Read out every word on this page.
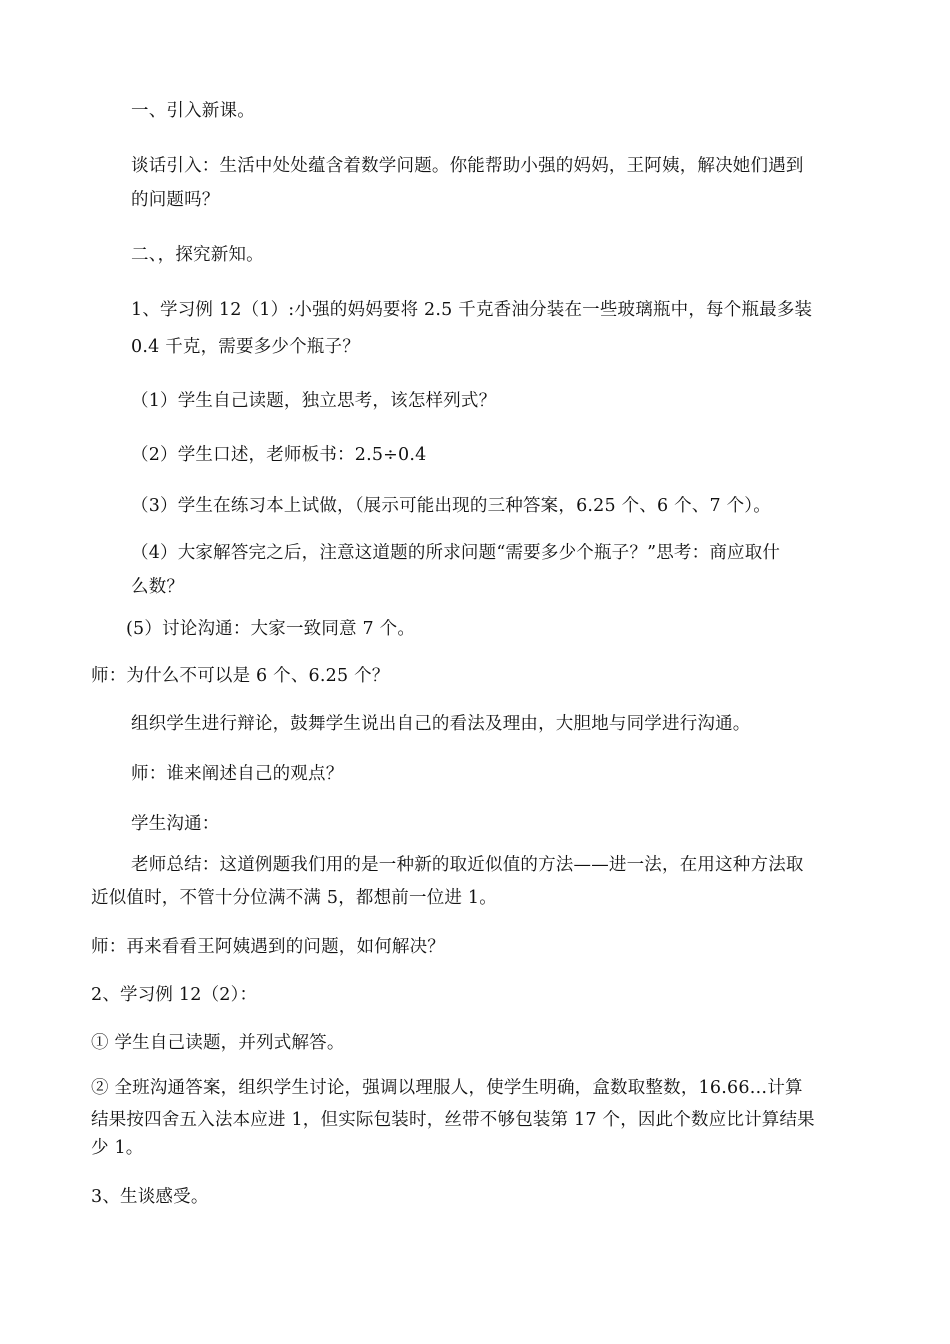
一、引入新课。
谈话引入：生活中处处蕴含着数学问题。你能帮助小强的妈妈，王阿姨，解决她们遇到
的问题吗？
二、，探究新知。
1、学习例 12（1）:小强的妈妈要将 2.5 千克香油分装在一些玻璃瓶中，每个瓶最多装
0.4 千克，需要多少个瓶子？
（1）学生自己读题，独立思考，该怎样列式？
（2）学生口述，老师板书：2.5÷0.4
（3）学生在练习本上试做，（展示可能出现的三种答案，6.25 个、6 个、7 个）。
（4）大家解答完之后，注意这道题的所求问题“需要多少个瓶子？”思考：商应取什
么数？
(5）讨论沟通：大家一致同意 7 个。
师：为什么不可以是 6 个、6.25 个？
组织学生进行辩论，鼓舞学生说出自己的看法及理由，大胆地与同学进行沟通。
师：谁来阐述自己的观点？
学生沟通：
老师总结：这道例题我们用的是一种新的取近似值的方法——进一法，在用这种方法取
近似值时，不管十分位满不满 5，都想前一位进 1。
师：再来看看王阿姨遇到的问题，如何解决？
2、学习例 12（2）：
① 学生自己读题，并列式解答。
② 全班沟通答案，组织学生讨论，强调以理服人，使学生明确，盒数取整数，16.66…计算
结果按四舍五入法本应进 1，但实际包装时，丝带不够包装第 17 个，因此个数应比计算结果
少 1。
3、生谈感受。
